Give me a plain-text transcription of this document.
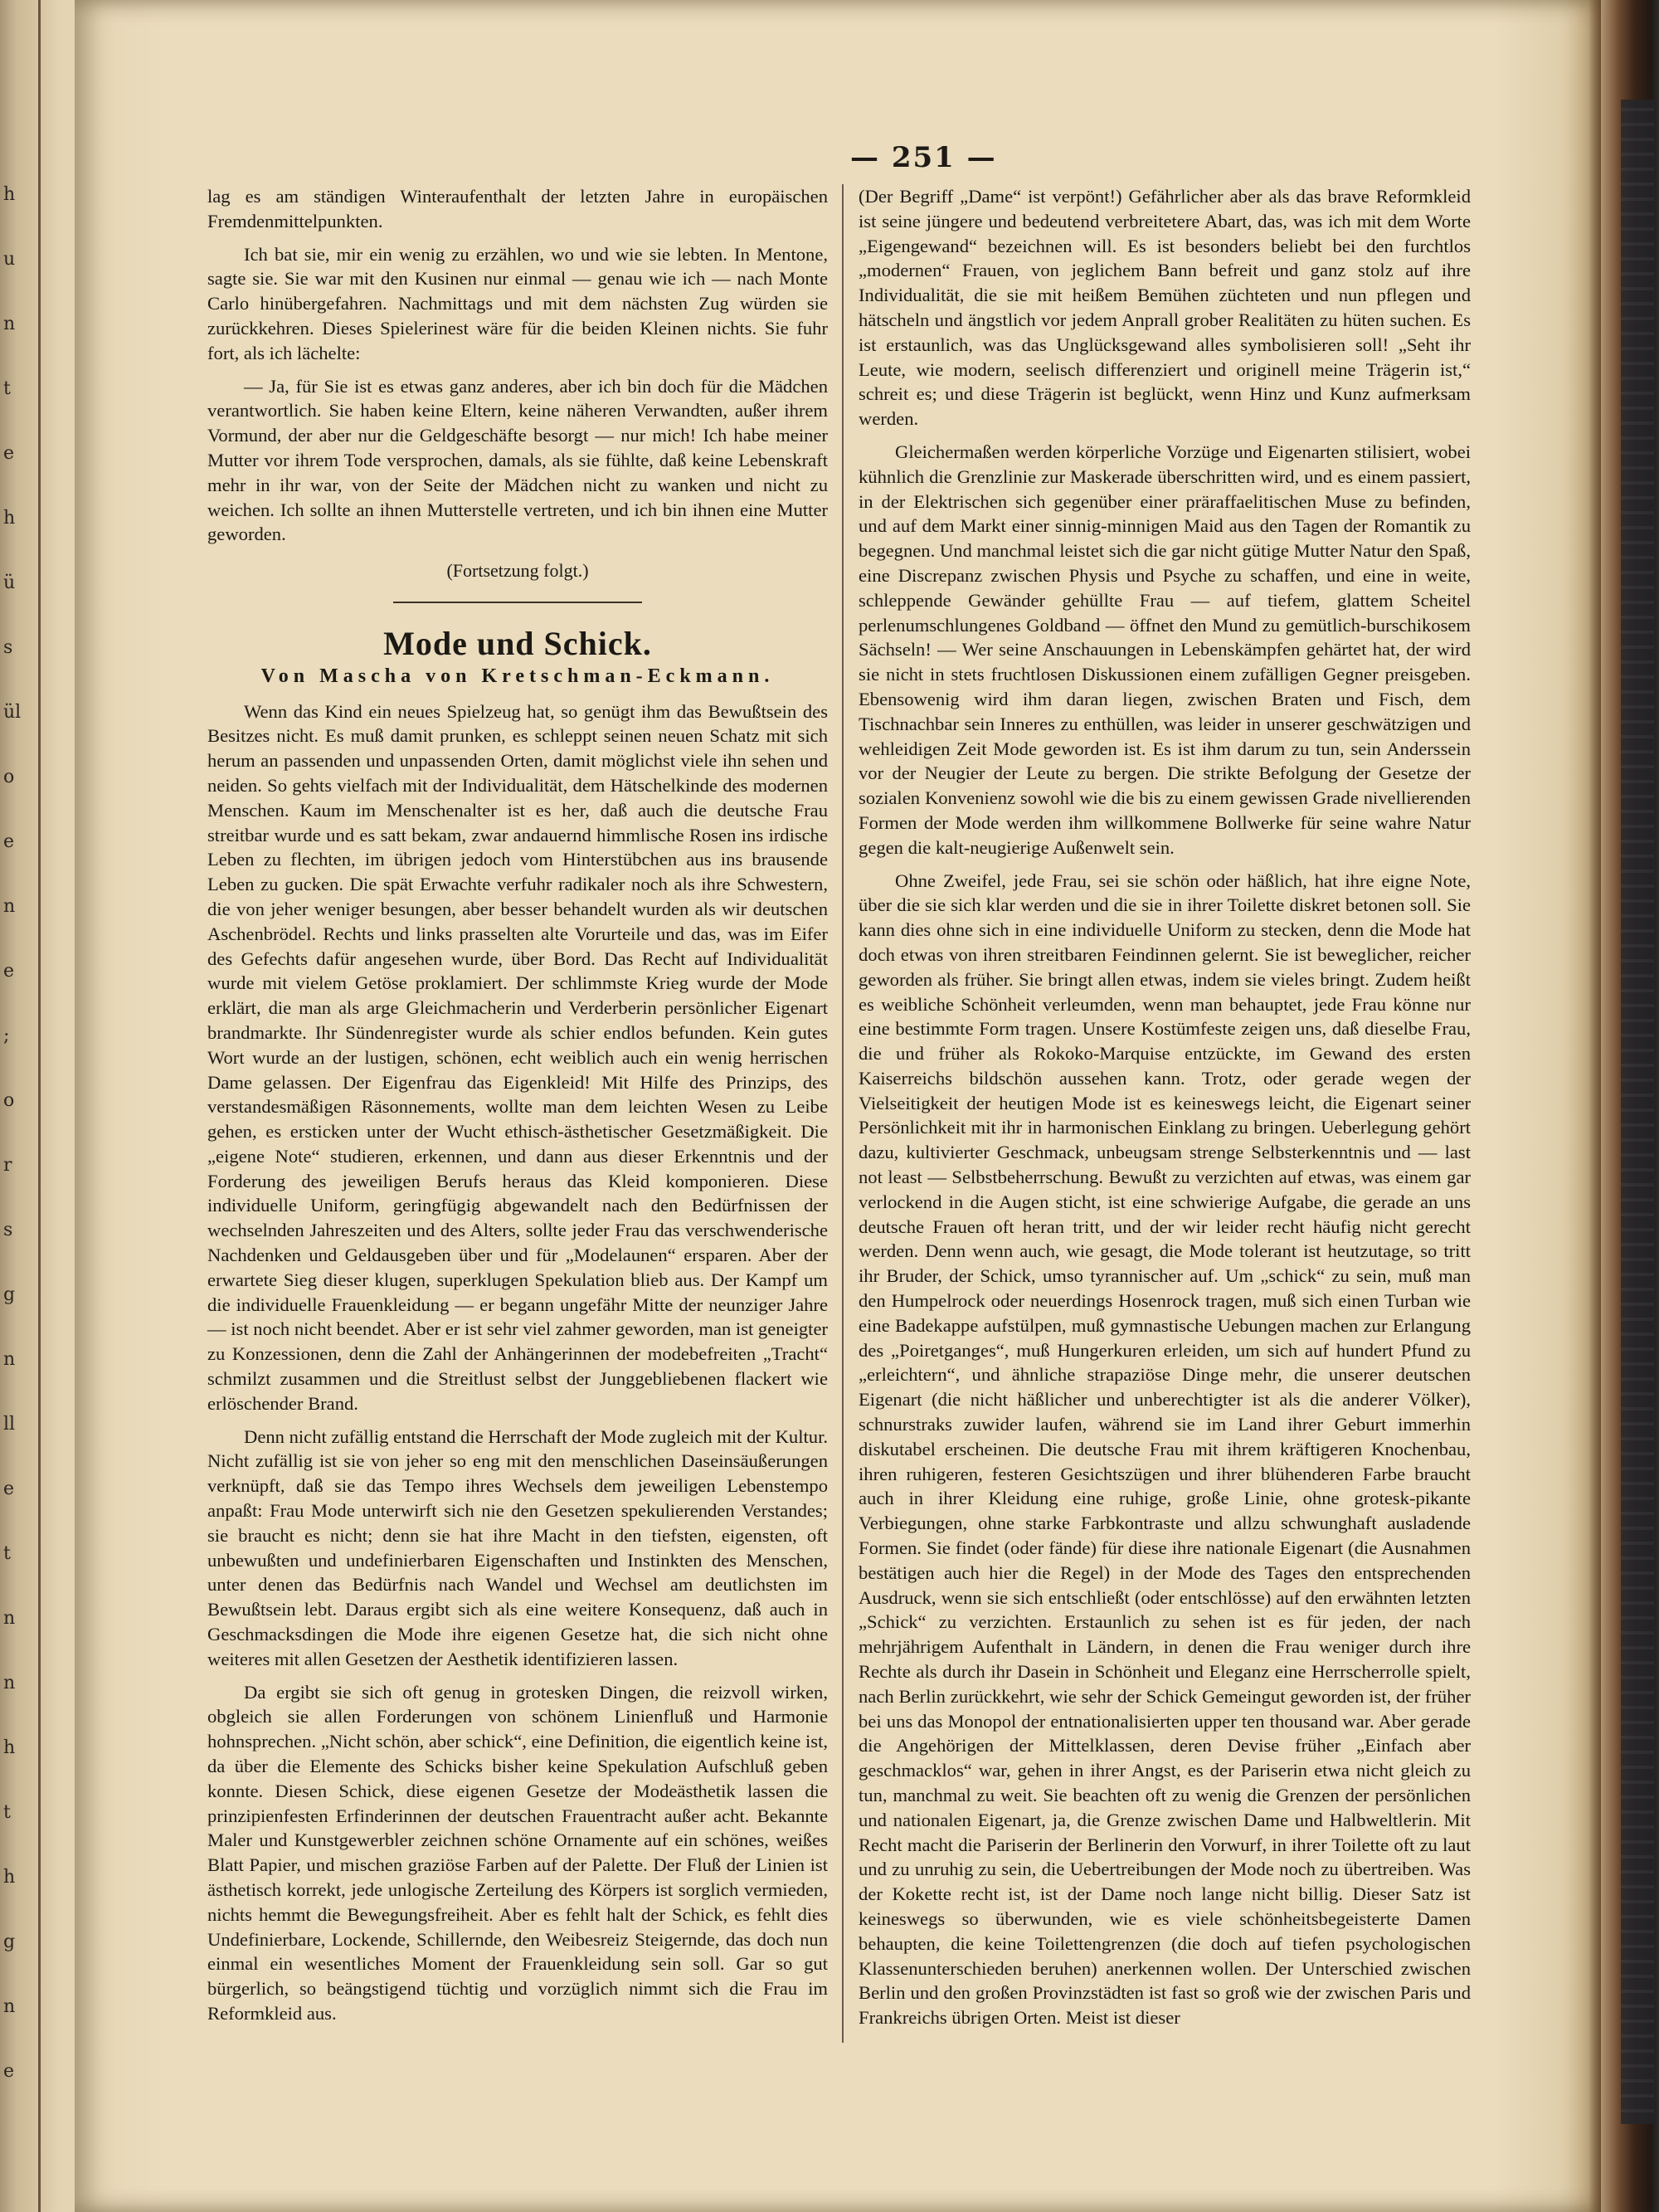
h
u
n
t
e
h
ü
s
ül
o
e
n
e
;
o
r
s
g
n
ll
e
t
n
n
h
t
h
g
n
e
— 251 —

lag es am ständigen Winteraufenthalt der letzten Jahre in europäischen Fremdenmittelpunkten.

Ich bat sie, mir ein wenig zu erzählen, wo und wie sie lebten. In Mentone, sagte sie. Sie war mit den Kusinen nur einmal — genau wie ich — nach Monte Carlo hinübergefahren. Nachmittags und mit dem nächsten Zug würden sie zurückkehren. Dieses Spielerinest wäre für die beiden Kleinen nichts. Sie fuhr fort, als ich lächelte:

— Ja, für Sie ist es etwas ganz anderes, aber ich bin doch für die Mädchen verantwortlich. Sie haben keine Eltern, keine näheren Verwandten, außer ihrem Vormund, der aber nur die Geldgeschäfte besorgt — nur mich! Ich habe meiner Mutter vor ihrem Tode versprochen, damals, als sie fühlte, daß keine Lebenskraft mehr in ihr war, von der Seite der Mädchen nicht zu wanken und nicht zu weichen. Ich sollte an ihnen Mutterstelle vertreten, und ich bin ihnen eine Mutter geworden.

(Fortsetzung folgt.)
Mode und Schick.
Von Mascha von Kretschman-Eckmann.

Wenn das Kind ein neues Spielzeug hat, so genügt ihm das Bewußtsein des Besitzes nicht. Es muß damit prunken, es schleppt seinen neuen Schatz mit sich herum an passenden und unpassenden Orten, damit möglichst viele ihn sehen und neiden. So gehts vielfach mit der Individualität, dem Hätschelkinde des modernen Menschen. Kaum im Menschenalter ist es her, daß auch die deutsche Frau streitbar wurde und es satt bekam, zwar andauernd himmlische Rosen ins irdische Leben zu flechten, im übrigen jedoch vom Hinterstübchen aus ins brausende Leben zu gucken. Die spät Erwachte verfuhr radikaler noch als ihre Schwestern, die von jeher weniger besungen, aber besser behandelt wurden als wir deutschen Aschenbrödel. Rechts und links prasselten alte Vorurteile und das, was im Eifer des Gefechts dafür angesehen wurde, über Bord. Das Recht auf Individualität wurde mit vielem Getöse proklamiert. Der schlimmste Krieg wurde der Mode erklärt, die man als arge Gleichmacherin und Verderberin persönlicher Eigenart brandmarkte. Ihr Sündenregister wurde als schier endlos befunden. Kein gutes Wort wurde an der lustigen, schönen, echt weiblich auch ein wenig herrischen Dame gelassen. Der Eigenfrau das Eigenkleid! Mit Hilfe des Prinzips, des verstandesmäßigen Räsonnements, wollte man dem leichten Wesen zu Leibe gehen, es ersticken unter der Wucht ethisch-ästhetischer Gesetzmäßigkeit. Die „eigene Note“ studieren, erkennen, und dann aus dieser Erkenntnis und der Forderung des jeweiligen Berufs heraus das Kleid komponieren. Diese individuelle Uniform, geringfügig abgewandelt nach den Bedürfnissen der wechselnden Jahreszeiten und des Alters, sollte jeder Frau das verschwenderische Nachdenken und Geldausgeben über und für „Modelaunen“ ersparen. Aber der erwartete Sieg dieser klugen, superklugen Spekulation blieb aus. Der Kampf um die individuelle Frauenkleidung — er begann ungefähr Mitte der neunziger Jahre — ist noch nicht beendet. Aber er ist sehr viel zahmer geworden, man ist geneigter zu Konzessionen, denn die Zahl der Anhängerinnen der modebefreiten „Tracht“ schmilzt zusammen und die Streitlust selbst der Junggebliebenen flackert wie erlöschender Brand.

Denn nicht zufällig entstand die Herrschaft der Mode zugleich mit der Kultur. Nicht zufällig ist sie von jeher so eng mit den menschlichen Daseinsäußerungen verknüpft, daß sie das Tempo ihres Wechsels dem jeweiligen Lebenstempo anpaßt: Frau Mode unterwirft sich nie den Gesetzen spekulierenden Verstandes; sie braucht es nicht; denn sie hat ihre Macht in den tiefsten, eigensten, oft unbewußten und undefinierbaren Eigenschaften und Instinkten des Menschen, unter denen das Bedürfnis nach Wandel und Wechsel am deutlichsten im Bewußtsein lebt. Daraus ergibt sich als eine weitere Konsequenz, daß auch in Geschmacksdingen die Mode ihre eigenen Gesetze hat, die sich nicht ohne weiteres mit allen Gesetzen der Aesthetik identifizieren lassen.

Da ergibt sie sich oft genug in grotesken Dingen, die reizvoll wirken, obgleich sie allen Forderungen von schönem Linienfluß und Harmonie hohnsprechen. „Nicht schön, aber schick“, eine Definition, die eigentlich keine ist, da über die Elemente des Schicks bisher keine Spekulation Aufschluß geben konnte. Diesen Schick, diese eigenen Gesetze der Modeästhetik lassen die prinzipienfesten Erfinderinnen der deutschen Frauentracht außer acht. Bekannte Maler und Kunstgewerbler zeichnen schöne Ornamente auf ein schönes, weißes Blatt Papier, und mischen graziöse Farben auf der Palette. Der Fluß der Linien ist ästhetisch korrekt, jede unlogische Zerteilung des Körpers ist sorglich vermieden, nichts hemmt die Bewegungsfreiheit. Aber es fehlt halt der Schick, es fehlt dies Undefinierbare, Lockende, Schillernde, den Weibesreiz Steigernde, das doch nun einmal ein wesentliches Moment der Frauenkleidung sein soll. Gar so gut bürgerlich, so beängstigend tüchtig und vorzüglich nimmt sich die Frau im Reformkleid aus.

(Der Begriff „Dame“ ist verpönt!) Gefährlicher aber als das brave Reformkleid ist seine jüngere und bedeutend verbreitetere Abart, das, was ich mit dem Worte „Eigengewand“ bezeichnen will. Es ist besonders beliebt bei den furchtlos „modernen“ Frauen, von jeglichem Bann befreit und ganz stolz auf ihre Individualität, die sie mit heißem Bemühen züchteten und nun pflegen und hätscheln und ängstlich vor jedem Anprall grober Realitäten zu hüten suchen. Es ist erstaunlich, was das Unglücksgewand alles symbolisieren soll! „Seht ihr Leute, wie modern, seelisch differenziert und originell meine Trägerin ist,“ schreit es; und diese Trägerin ist beglückt, wenn Hinz und Kunz aufmerksam werden.

Gleichermaßen werden körperliche Vorzüge und Eigenarten stilisiert, wobei kühnlich die Grenzlinie zur Maskerade überschritten wird, und es einem passiert, in der Elektrischen sich gegenüber einer präraffaelitischen Muse zu befinden, und auf dem Markt einer sinnig-minnigen Maid aus den Tagen der Romantik zu begegnen. Und manchmal leistet sich die gar nicht gütige Mutter Natur den Spaß, eine Discrepanz zwischen Physis und Psyche zu schaffen, und eine in weite, schleppende Gewänder gehüllte Frau — auf tiefem, glattem Scheitel perlenumschlungenes Goldband — öffnet den Mund zu gemütlich-burschikosem Sächseln! — Wer seine Anschauungen in Lebenskämpfen gehärtet hat, der wird sie nicht in stets fruchtlosen Diskussionen einem zufälligen Gegner preisgeben. Ebensowenig wird ihm daran liegen, zwischen Braten und Fisch, dem Tischnachbar sein Inneres zu enthüllen, was leider in unserer geschwätzigen und wehleidigen Zeit Mode geworden ist. Es ist ihm darum zu tun, sein Anderssein vor der Neugier der Leute zu bergen. Die strikte Befolgung der Gesetze der sozialen Konvenienz sowohl wie die bis zu einem gewissen Grade nivellierenden Formen der Mode werden ihm willkommene Bollwerke für seine wahre Natur gegen die kalt-neugierige Außenwelt sein.

Ohne Zweifel, jede Frau, sei sie schön oder häßlich, hat ihre eigne Note, über die sie sich klar werden und die sie in ihrer Toilette diskret betonen soll. Sie kann dies ohne sich in eine individuelle Uniform zu stecken, denn die Mode hat doch etwas von ihren streitbaren Feindinnen gelernt. Sie ist beweglicher, reicher geworden als früher. Sie bringt allen etwas, indem sie vieles bringt. Zudem heißt es weibliche Schönheit verleumden, wenn man behauptet, jede Frau könne nur eine bestimmte Form tragen. Unsere Kostümfeste zeigen uns, daß dieselbe Frau, die und früher als Rokoko-Marquise entzückte, im Gewand des ersten Kaiserreichs bildschön aussehen kann. Trotz, oder gerade wegen der Vielseitigkeit der heutigen Mode ist es keineswegs leicht, die Eigenart seiner Persönlichkeit mit ihr in harmonischen Einklang zu bringen. Ueberlegung gehört dazu, kultivierter Geschmack, unbeugsam strenge Selbsterkenntnis und — last not least — Selbstbeherrschung. Bewußt zu verzichten auf etwas, was einem gar verlockend in die Augen sticht, ist eine schwierige Aufgabe, die gerade an uns deutsche Frauen oft heran tritt, und der wir leider recht häufig nicht gerecht werden. Denn wenn auch, wie gesagt, die Mode tolerant ist heutzutage, so tritt ihr Bruder, der Schick, umso tyrannischer auf. Um „schick“ zu sein, muß man den Humpelrock oder neuerdings Hosenrock tragen, muß sich einen Turban wie eine Badekappe aufstülpen, muß gymnastische Uebungen machen zur Erlangung des „Poiretganges“, muß Hungerkuren erleiden, um sich auf hundert Pfund zu „erleichtern“, und ähnliche strapaziöse Dinge mehr, die unserer deutschen Eigenart (die nicht häßlicher und unberechtigter ist als die anderer Völker), schnurstraks zuwider laufen, während sie im Land ihrer Geburt immerhin diskutabel erscheinen. Die deutsche Frau mit ihrem kräftigeren Knochenbau, ihren ruhigeren, festeren Gesichtszügen und ihrer blühenderen Farbe braucht auch in ihrer Kleidung eine ruhige, große Linie, ohne grotesk-pikante Verbiegungen, ohne starke Farbkontraste und allzu schwunghaft ausladende Formen. Sie findet (oder fände) für diese ihre nationale Eigenart (die Ausnahmen bestätigen auch hier die Regel) in der Mode des Tages den entsprechenden Ausdruck, wenn sie sich entschließt (oder entschlösse) auf den erwähnten letzten „Schick“ zu verzichten. Erstaunlich zu sehen ist es für jeden, der nach mehrjährigem Aufenthalt in Ländern, in denen die Frau weniger durch ihre Rechte als durch ihr Dasein in Schönheit und Eleganz eine Herrscherrolle spielt, nach Berlin zurückkehrt, wie sehr der Schick Gemeingut geworden ist, der früher bei uns das Monopol der entnationalisierten upper ten thousand war. Aber gerade die Angehörigen der Mittelklassen, deren Devise früher „Einfach aber geschmacklos“ war, gehen in ihrer Angst, es der Pariserin etwa nicht gleich zu tun, manchmal zu weit. Sie beachten oft zu wenig die Grenzen der persönlichen und nationalen Eigenart, ja, die Grenze zwischen Dame und Halbweltlerin. Mit Recht macht die Pariserin der Berlinerin den Vorwurf, in ihrer Toilette oft zu laut und zu unruhig zu sein, die Uebertreibungen der Mode noch zu übertreiben. Was der Kokette recht ist, ist der Dame noch lange nicht billig. Dieser Satz ist keineswegs so überwunden, wie es viele schönheitsbegeisterte Damen behaupten, die keine Toilettengrenzen (die doch auf tiefen psychologischen Klassenunterschieden beruhen) anerkennen wollen. Der Unterschied zwischen Berlin und den großen Provinzstädten ist fast so groß wie der zwischen Paris und Frankreichs übrigen Orten. Meist ist dieser
